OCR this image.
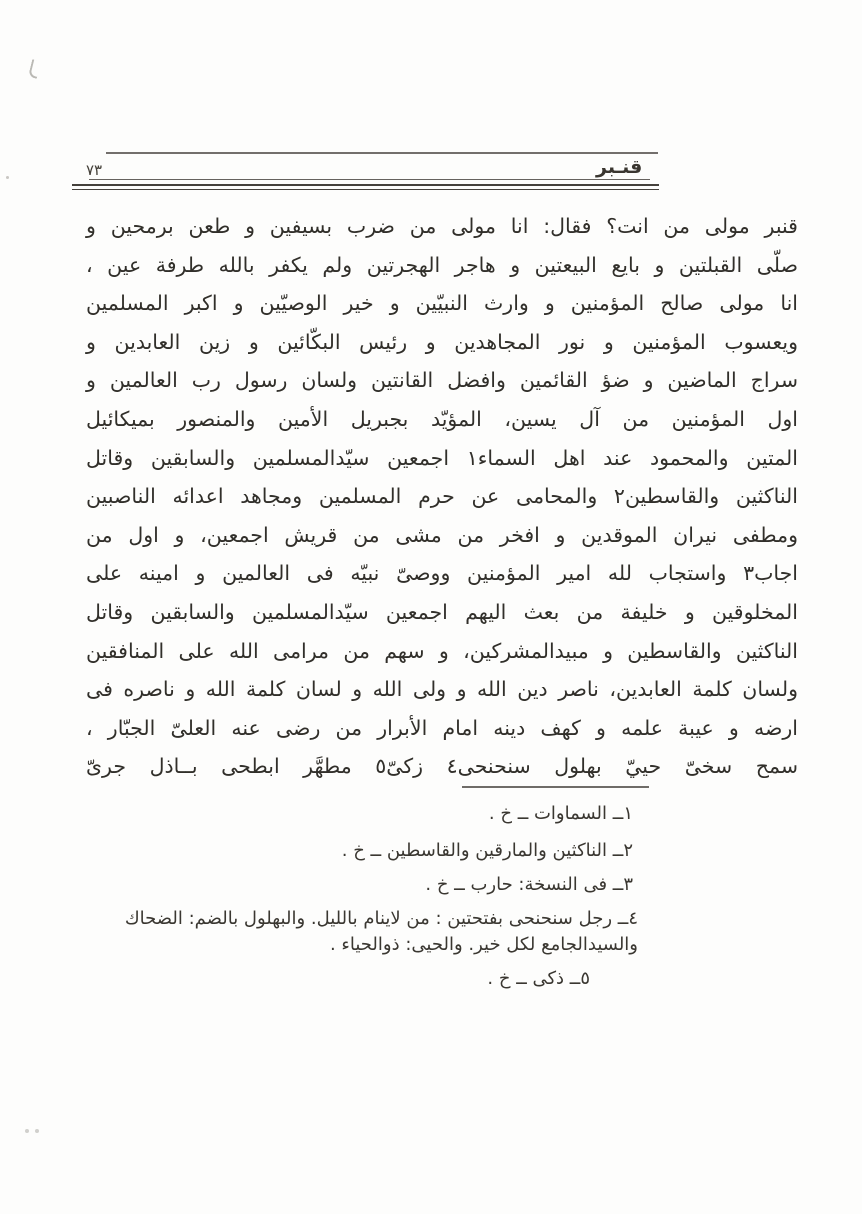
قنـبر
٧٣
قنبر مولى من انت؟ فقال: انا مولى من ضرب بسيفين و طعن برمحين و
صلّى القبلتين و بايع البيعتين و هاجر الهجرتين ولم يكفر بالله طرفة عين ،
انا مولى صالح المؤمنين و وارث النبيّين و خير الوصيّين و اكبر المسلمين
ويعسوب المؤمنين و نور المجاهدين و رئيس البكّائين و زين العابدين و
سراج الماضين و ضؤ القائمين وافضل القانتين ولسان رسول رب العالمين و
اول المؤمنين من آل يسين، المؤيّد بجبريل الأمين والمنصور بميكائيل
المتين والمحمود عند اهل السماء١ اجمعين سيّدالمسلمين والسابقين وقاتل
الناكثين والقاسطين٢ والمحامى عن حرم المسلمين ومجاهد اعدائه الناصبين
ومطفى نيران الموقدين و افخر من مشى من قريش اجمعين، و اول من
اجاب٣ واستجاب لله امير المؤمنين ووصىّ نبيّه فى العالمين و امينه على
المخلوقين و خليفة من بعث اليهم اجمعين سيّدالمسلمين والسابقين وقاتل
الناكثين والقاسطين و مبيدالمشركين، و سهم من مرامى الله على المنافقين
ولسان كلمة العابدين، ناصر دين الله و ولى الله و لسان كلمة الله و ناصره فى
ارضه و عيبة علمه و كهف دينه امام الأبرار من رضى عنه العلىّ الجبّار ،
سمح سخىّ حييّ بهلول سنحنحى٤ زكىّ٥ مطهَّر ابطحى بــاذل جرىّ
١ــ السماوات ــ خ .
٢ــ الناكثين والمارقين والقاسطين ــ خ .
٣ــ فى النسخة: حارب ــ خ .
٤ــ رجل سنحنحى بفتحتين : من لاينام بالليل. والبهلول بالضم: الضحاك
والسيدالجامع لكل خير. والحيى: ذوالحياء .
٥ــ ذكى ــ خ .
